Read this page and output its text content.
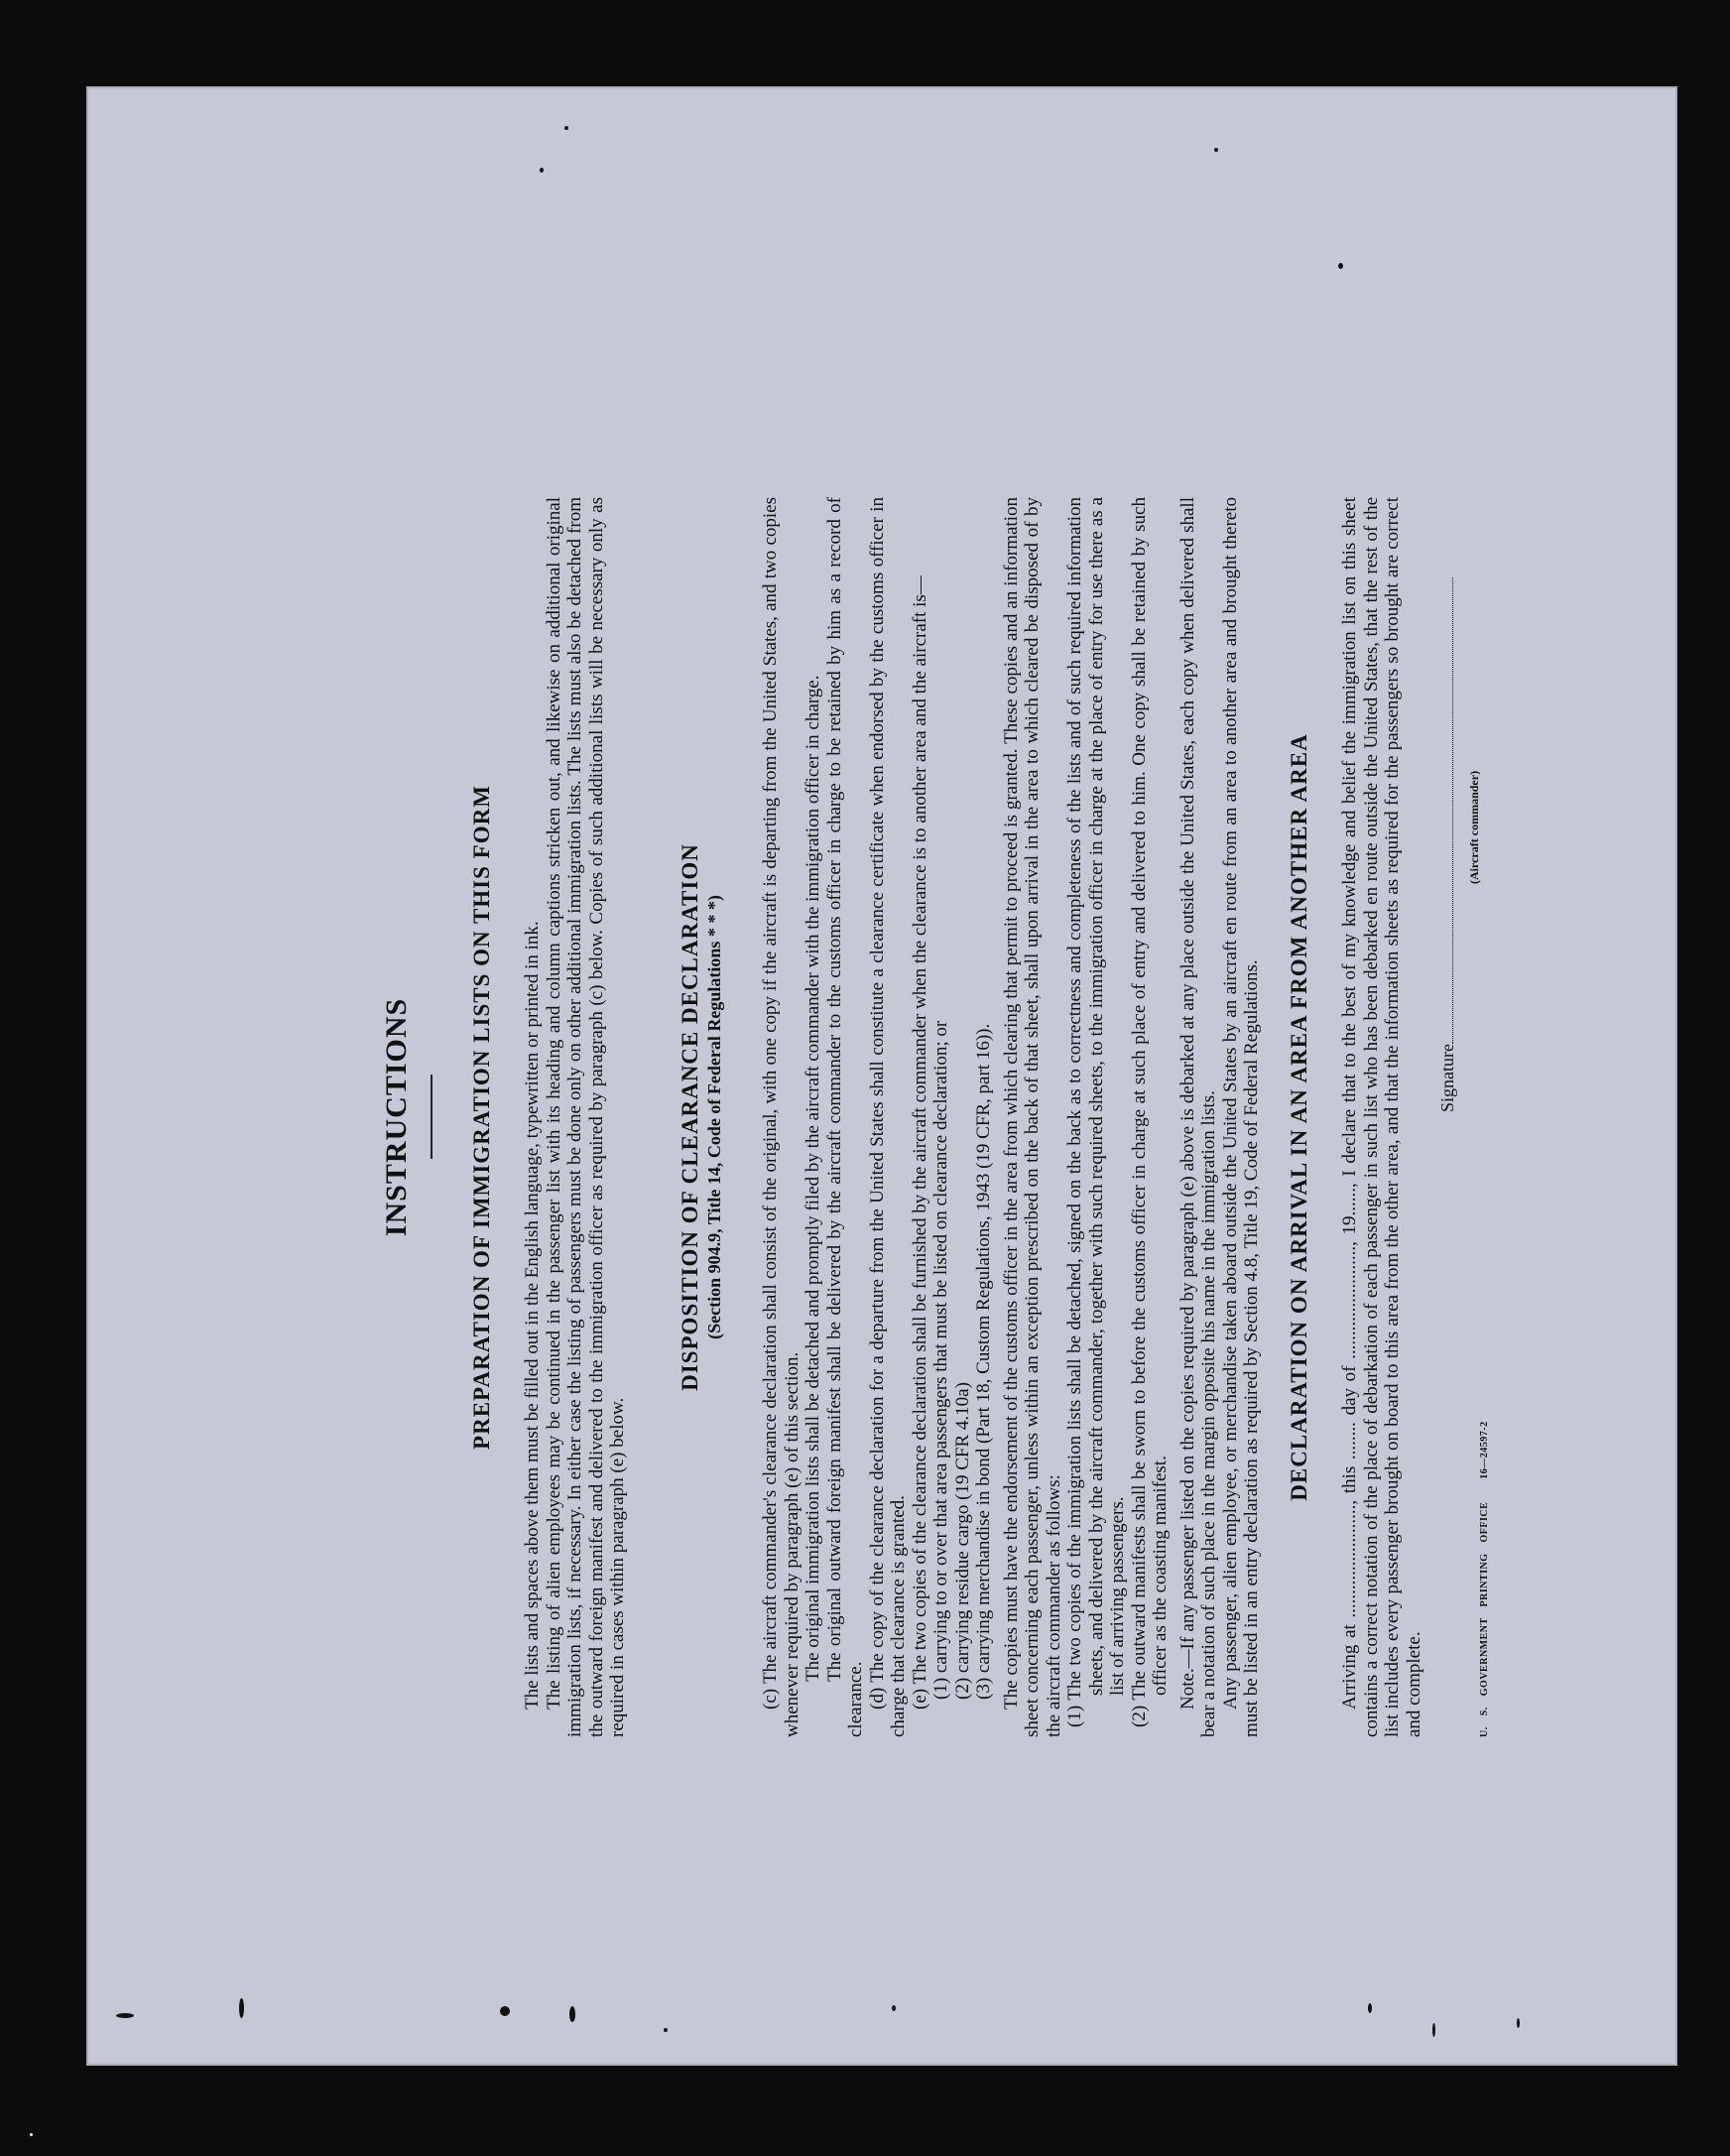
INSTRUCTIONS PREPARATION OF IMMIGRATION LISTS ON THIS FORM The lists and spaces above them must be filled out in the English language, typewritten or printed in ink. The listing of alien employees may be continued in the passenger list with its heading and column captions stricken out, and likewise on additional original immigration lists, if necessary. In either case the listing of passengers must be done only on other additional immigration lists. The lists must also be detached from the outward foreign manifest and delivered to the immigration officer as required by paragraph (c) below. Copies of such additional lists will be necessary only as required in cases within paragraph (e) below.

DISPOSITION OF CLEARANCE DECLARATION (Section 904.9, Title 14, Code of Federal Regulations * * *) (c) The aircraft commander's clearance declaration shall consist of the original, with one copy if the aircraft is departing from the United States, and two copies whenever required by paragraph (e) of this section. The original immigration lists shall be detached and promptly filed by the aircraft commander with the immigration officer in charge. The original outward foreign manifest shall be delivered by the aircraft commander to the customs officer in charge to be retained by him as a record of clearance. (d) The copy of the clearance declaration for a departure from the United States shall constitute a clearance certificate when endorsed by the customs officer in charge that clearance is granted. (e) The two copies of the clearance declaration shall be furnished by the aircraft commander when the clearance is to another area and the aircraft is— (1) carrying to or over that area passengers that must be listed on clearance declaration; or (2) carrying residue cargo (19 CFR 4.10a) (3) carrying merchandise in bond (Part 18, Custom Regulations, 1943 (19 CFR, part 16)). The copies must have the endorsement of the customs officer in the area from which clearing that permit to proceed is granted. These copies and an information sheet concerning each passenger, unless within an exception prescribed on the back of that sheet, shall upon arrival in the area to which cleared be disposed of by the aircraft commander as follows: (1) The two copies of the immigration lists shall be detached, signed on the back as to correctness and completeness of the lists and of such required information sheets, and delivered by the aircraft commander, together with such required sheets, to the immigration officer in charge at the place of entry for use there as a list of arriving passengers. (2) The outward manifests shall be sworn to before the customs officer in charge at such place of entry and delivered to him. One copy shall be retained by such officer as the coasting manifest. Note.—If any passenger listed on the copies required by paragraph (e) above is debarked at any place outside the United States, each copy when delivered shall bear a notation of such place in the margin opposite his name in the immigration lists. Any passenger, alien employee, or merchandise taken aboard outside the United States by an aircraft en route from an area to another area and brought thereto must be listed in an entry declaration as required by Section 4.8, Title 19, Code of Federal Regulations. DECLARATION ON ARRIVAL IN AN AREA FROM ANOTHER AREA Arriving at ........................, this ........ day of ........................, 19......, I declare that to the best of my knowledge and belief the immigration list on this sheet contains a correct notation of the place of debarkation of each passenger in such list who has been debarked en route outside the United States, that the rest of the list includes every passenger brought on board to this area from the other area, and that the information sheets as required for the passengers so brought are correct and complete.

Signature
(Aircraft commander)
U. S. GOVERNMENT PRINTING OFFICE 16—24597-2
